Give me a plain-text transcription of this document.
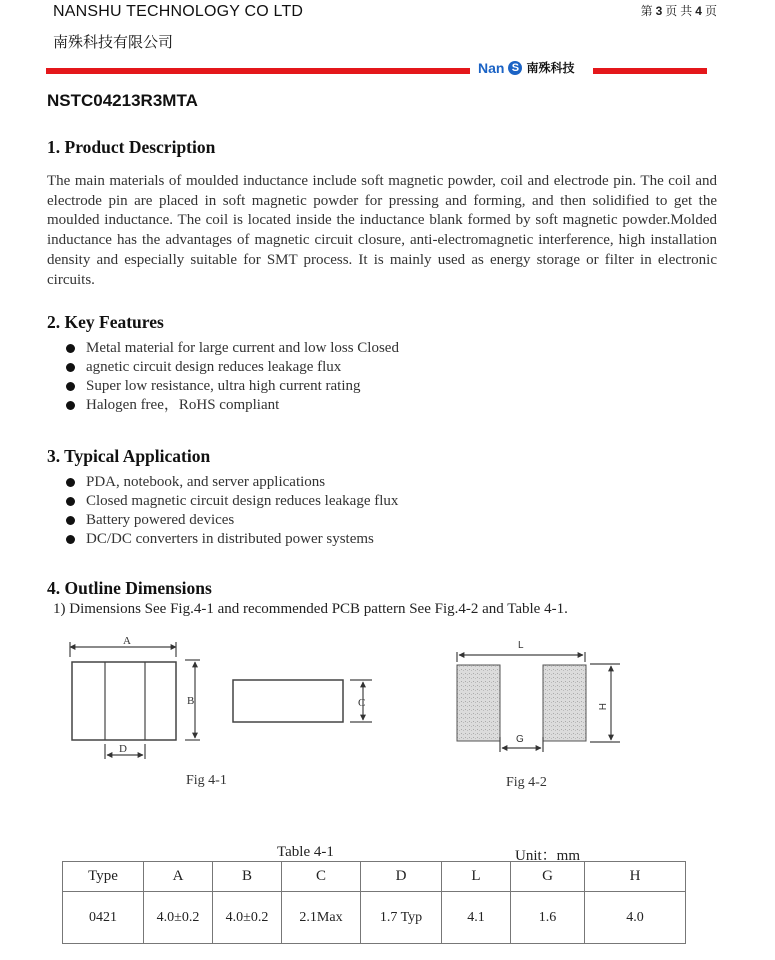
NANSHU TECHNOLOGY CO LTD
南殊科技有限公司
第 3 页 共 4 页
Nan S 南殊科技
NSTC04213R3MTA
1. Product Description
The main materials of moulded inductance include soft magnetic powder, coil and electrode pin. The coil and electrode pin are placed in soft magnetic powder for pressing and forming, and then solidified to get the moulded inductance. The coil is located inside the inductance blank formed by soft magnetic powder.Molded inductance has the advantages of magnetic circuit closure, anti-electromagnetic interference, high installation density and especially suitable for SMT process. It is mainly used as energy storage or filter in electronic circuits.
2. Key Features
Metal material for large current and low loss Closed
agnetic circuit design reduces leakage flux
Super low resistance, ultra high current rating
Halogen free，RoHS compliant
3. Typical Application
PDA, notebook, and server applications
Closed magnetic circuit design reduces leakage flux
Battery powered devices
DC/DC converters in distributed power systems
4. Outline Dimensions
1) Dimensions See Fig.4-1 and recommended PCB pattern See Fig.4-2 and Table 4-1.
A
B
D
C
Fig 4-1
L
G
H
Fig 4-2
Table 4-1	Unit：mm
Type	A	B	C	D	L	G	H
0421	4.0±0.2	4.0±0.2	2.1Max	1.7 Typ	4.1	1.6	4.0
